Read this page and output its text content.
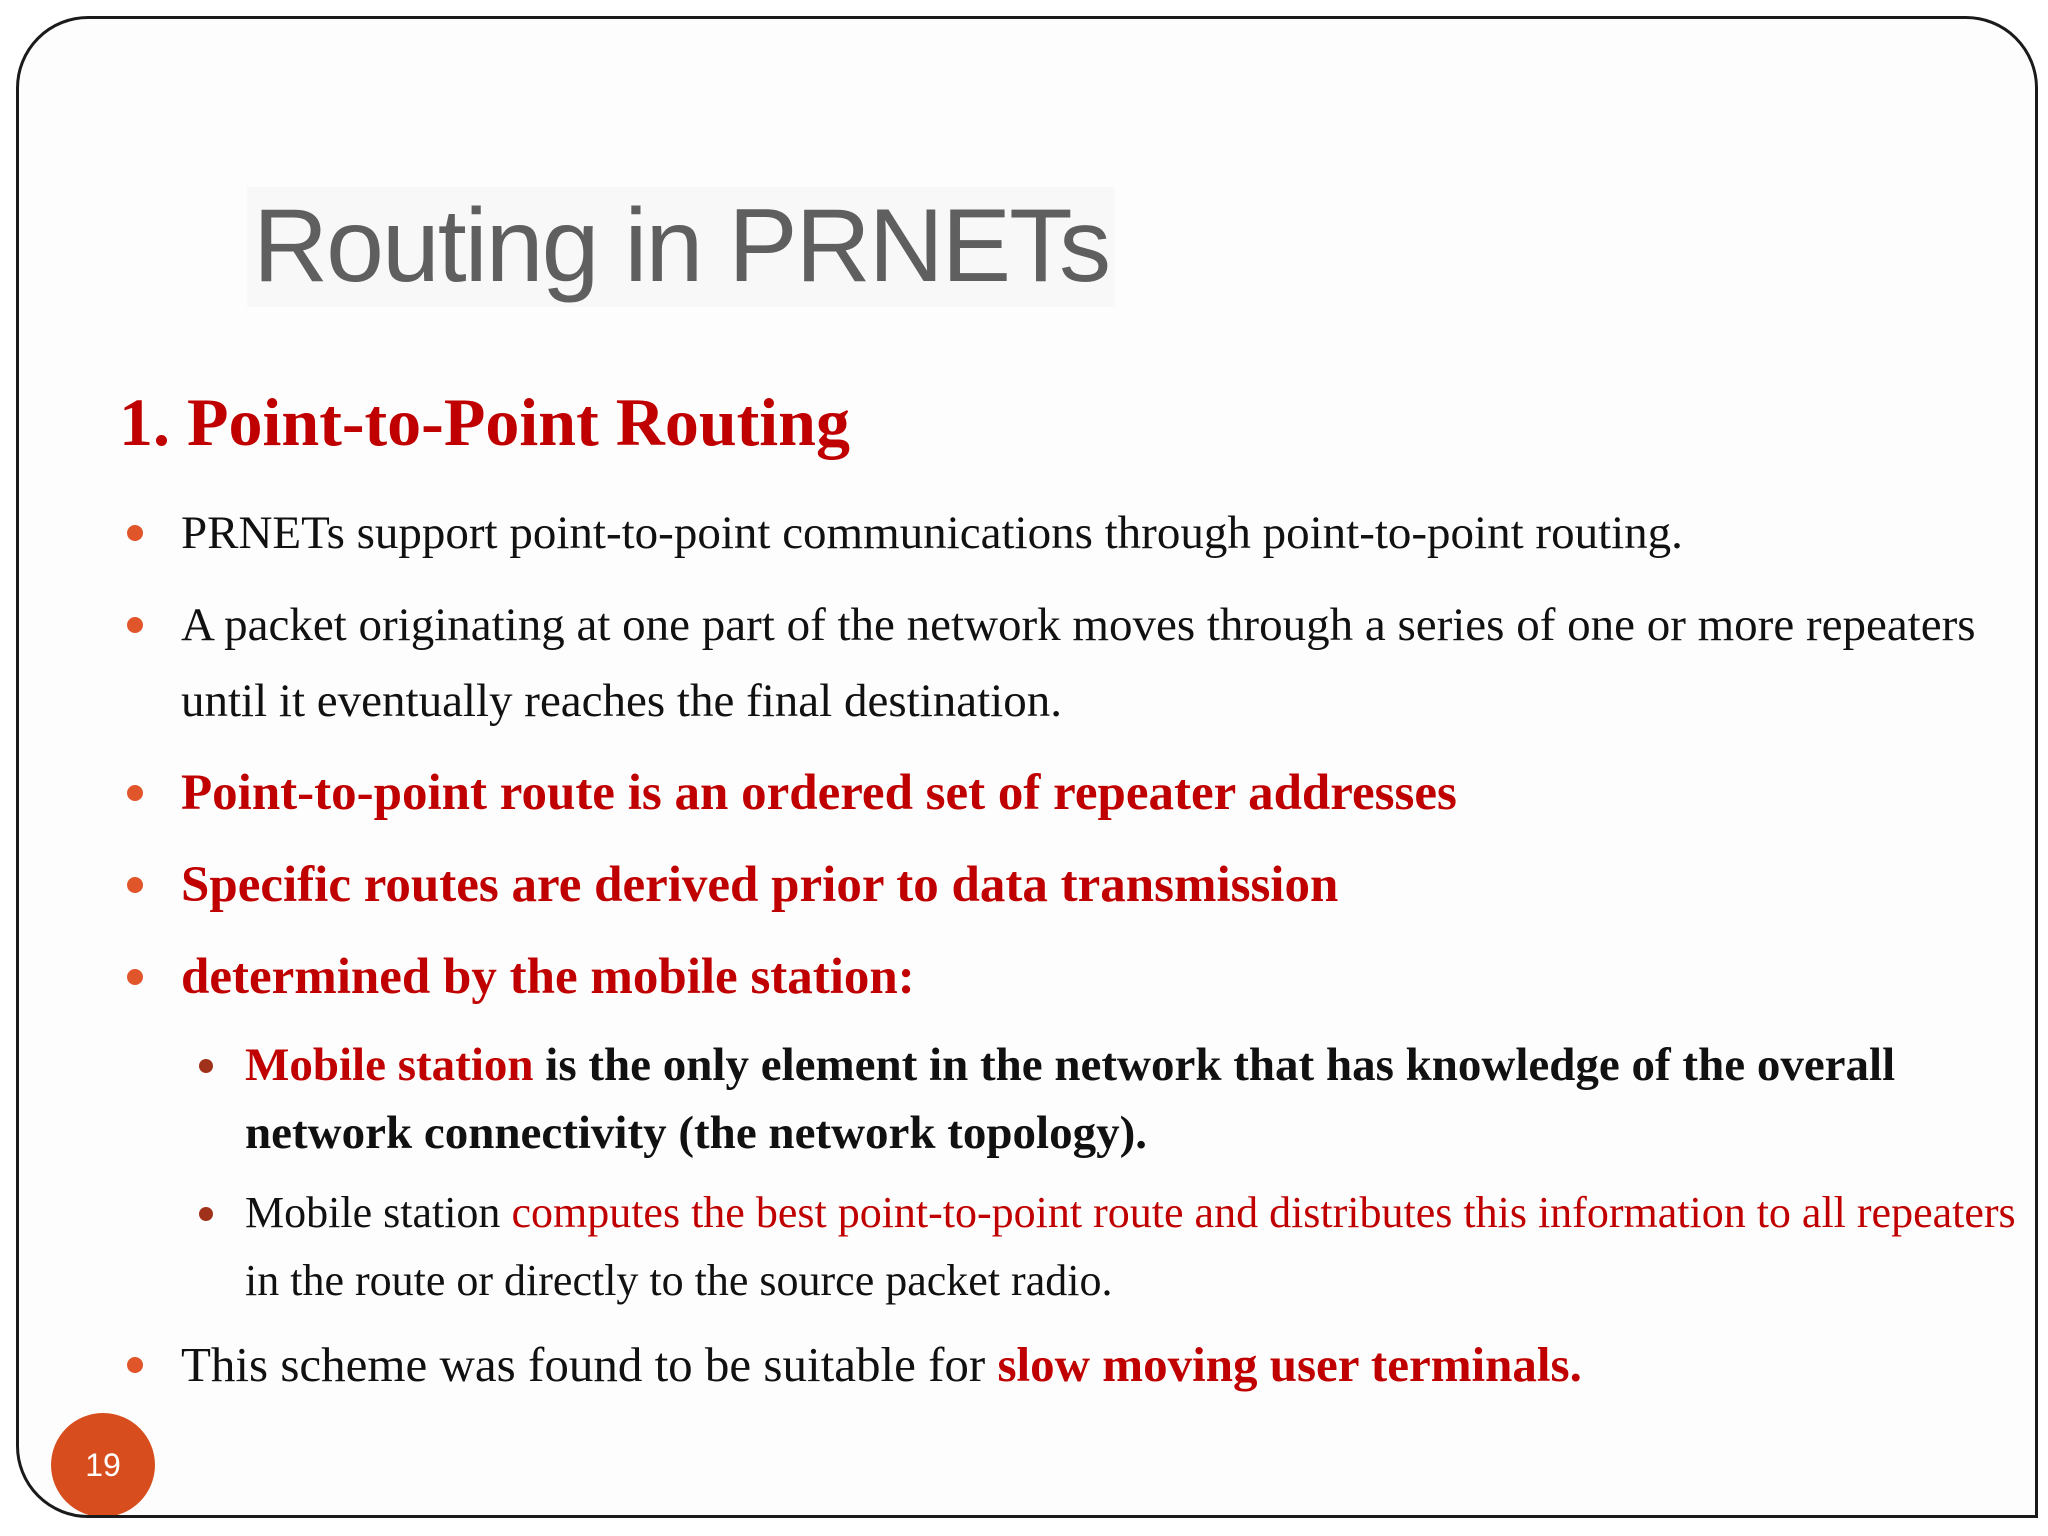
Routing in PRNETs
1. Point-to-Point Routing
PRNETs support point-to-point communications through point-to-point routing.
A packet originating at one part of the network moves through a series of one or more repeaters until it eventually reaches the final destination.
Point-to-point route is an ordered set of repeater addresses
Specific routes are derived prior to data transmission
determined by the mobile station:
Mobile station is the only element in the network that has knowledge of the overall network connectivity (the network topology).
Mobile station computes the best point-to-point route and distributes this information to all repeaters in the route or directly to the source packet radio.
This scheme was found to be suitable for slow moving user terminals.
19
